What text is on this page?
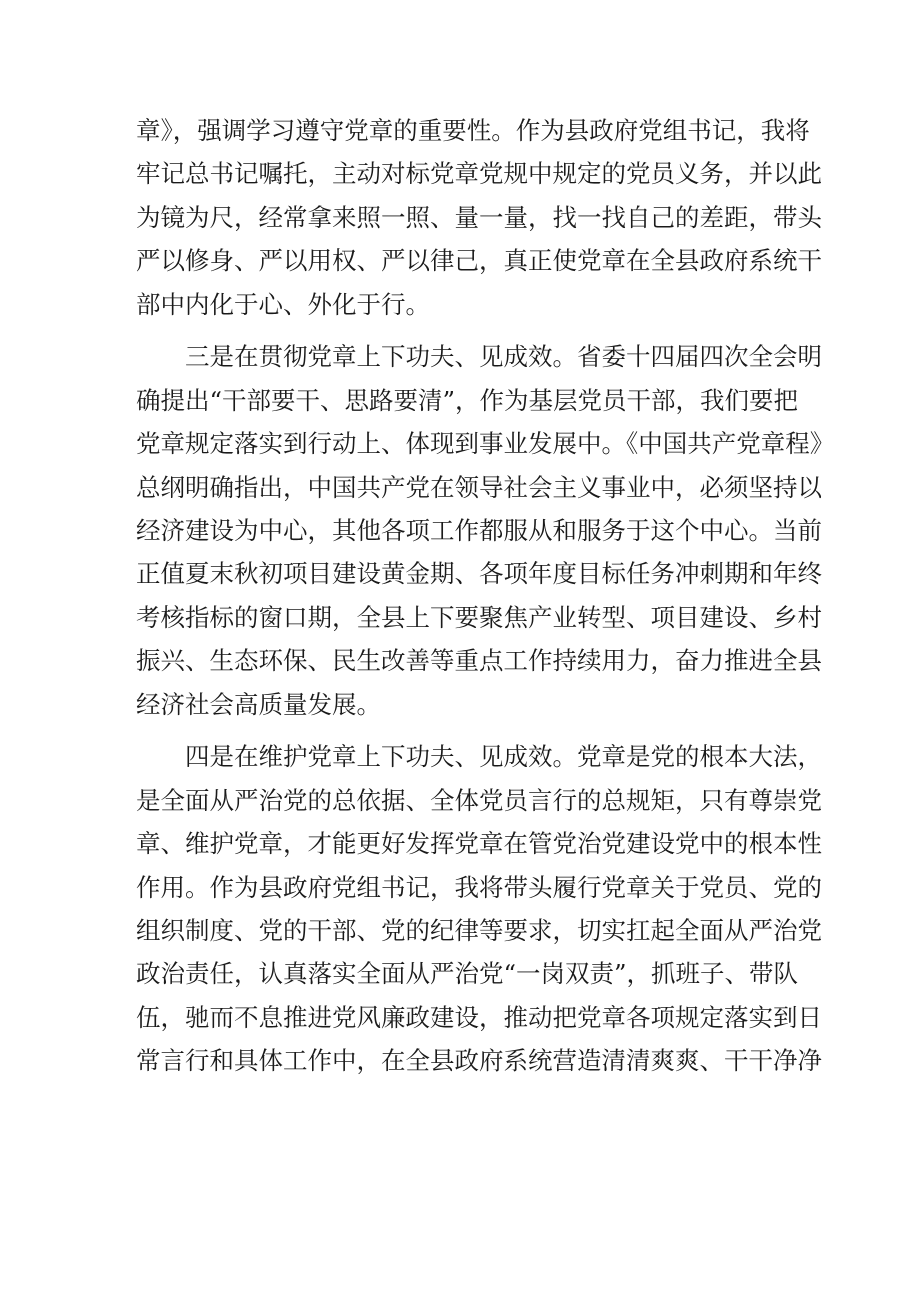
章》，强调学习遵守党章的重要性。作为县政府党组书记，我将
牢记总书记嘱托，主动对标党章党规中规定的党员义务，并以此
为镜为尺，经常拿来照一照、量一量，找一找自己的差距，带头
严以修身、严以用权、严以律己，真正使党章在全县政府系统干
部中内化于心、外化于行。
三是在贯彻党章上下功夫、见成效。省委十四届四次全会明
确提出“干部要干、思路要清”，作为基层党员干部，我们要把
党章规定落实到行动上、体现到事业发展中。《中国共产党章程》
总纲明确指出，中国共产党在领导社会主义事业中，必须坚持以
经济建设为中心，其他各项工作都服从和服务于这个中心。当前
正值夏末秋初项目建设黄金期、各项年度目标任务冲刺期和年终
考核指标的窗口期，全县上下要聚焦产业转型、项目建设、乡村
振兴、生态环保、民生改善等重点工作持续用力，奋力推进全县
经济社会高质量发展。
四是在维护党章上下功夫、见成效。党章是党的根本大法，
是全面从严治党的总依据、全体党员言行的总规矩，只有尊崇党
章、维护党章，才能更好发挥党章在管党治党建设党中的根本性
作用。作为县政府党组书记，我将带头履行党章关于党员、党的
组织制度、党的干部、党的纪律等要求，切实扛起全面从严治党
政治责任，认真落实全面从严治党“一岗双责”，抓班子、带队
伍，驰而不息推进党风廉政建设，推动把党章各项规定落实到日
常言行和具体工作中，在全县政府系统营造清清爽爽、干干净净
